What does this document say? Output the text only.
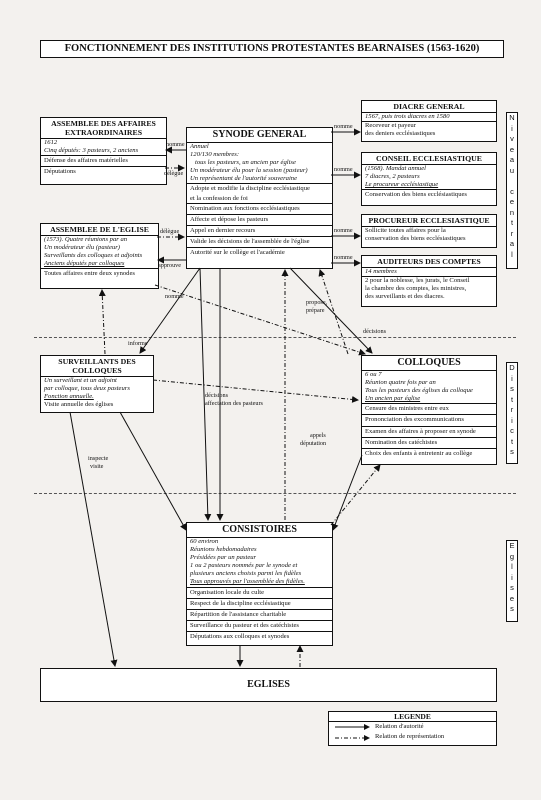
FONCTIONNEMENT DES INSTITUTIONS PROTESTANTES BEARNAISES (1563-1620)
N
i
v
e
a
u

c
e
n
t
r
a
l
D
i
s
t
r
i
c
t
s
E
g
l
i
s
e
s
ASSEMBLEE DES AFFAIRES EXTRAORDINAIRES
1612
Cinq députés: 3 pasteurs, 2 anciens
Défense des affaires matérielles
Députations
SYNODE GENERAL
Annuel
120/130 membres:
tous les pasteurs, un ancien par église
Un modérateur élu pour la session (pasteur)
Un représentant de l'autorité souveraine
Adopte et modifie la discipline ecclésiastique
et la confession de foi
Nomination aux fonctions ecclésiastiques
Affecte et dépose les pasteurs
Appel en dernier recours
Valide les décisions de l'assemblée de l'église
Autorité sur le collège et l'académie
ASSEMBLEE DE L'EGLISE
(1573). Quatre réunions par an
Un modérateur élu (pasteur)
Surveillants des colloques et adjoints
Anciens députés par colloques
Toutes affaires entre deux synodes
DIACRE GENERAL
1567, puis trois diacres en 1580
Receveur et payeur
des deniers ecclésiastiques
CONSEIL ECCLESIASTIQUE
(1568). Mandat annuel
7 diacres, 2 pasteurs
Le procureur ecclésiastique
Conservation des biens ecclésiastiques
PROCUREUR ECCLESIASTIQUE
Sollicite toutes affaires pour la
conservation des biens ecclésiastiques
AUDITEURS DES COMPTES
14 membres
2 pour la noblesse, les jurats, le Conseil
la chambre des comptes, les ministres,
des surveillants et des diacres.
SURVEILLANTS DES COLLOQUES
Un surveillant et un adjoint
par colloque, tous deux pasteurs
Fonction annuelle.
Visite annuelle des églises
COLLOQUES
6 ou 7
Réunion quatre fois par an
Tous les pasteurs des églises du colloque
Un ancien par église
Censure des ministres entre eux
Prononciation des excommunications
Examen des affaires à proposer en synode
Nomination des catéchistes
Choix des enfants à entretenir au collège
CONSISTOIRES
60 environ
Réunions hebdomadaires
Présidées par un pasteur
1 ou 2 pasteurs nommés par le synode et
plusieurs anciens choisis parmi les fidèles
Tous approuvés par l'assemblée des fidèles.
Organisation locale du culte
Respect de la discipline ecclésiastique
Répartition de l'assistance charitable
Surveillance du pasteur et des catéchistes
Députations aux colloques et synodes
EGLISES
nomme
délègue
nomme
nomme
nomme
nomme
délègue
approuve
nomme
informe
décisions
décisions
affectation des pasteurs
propose,
prépare
appels
députation
inspecte
visite
LEGENDE
Relation d'autorité
Relation de représentation
